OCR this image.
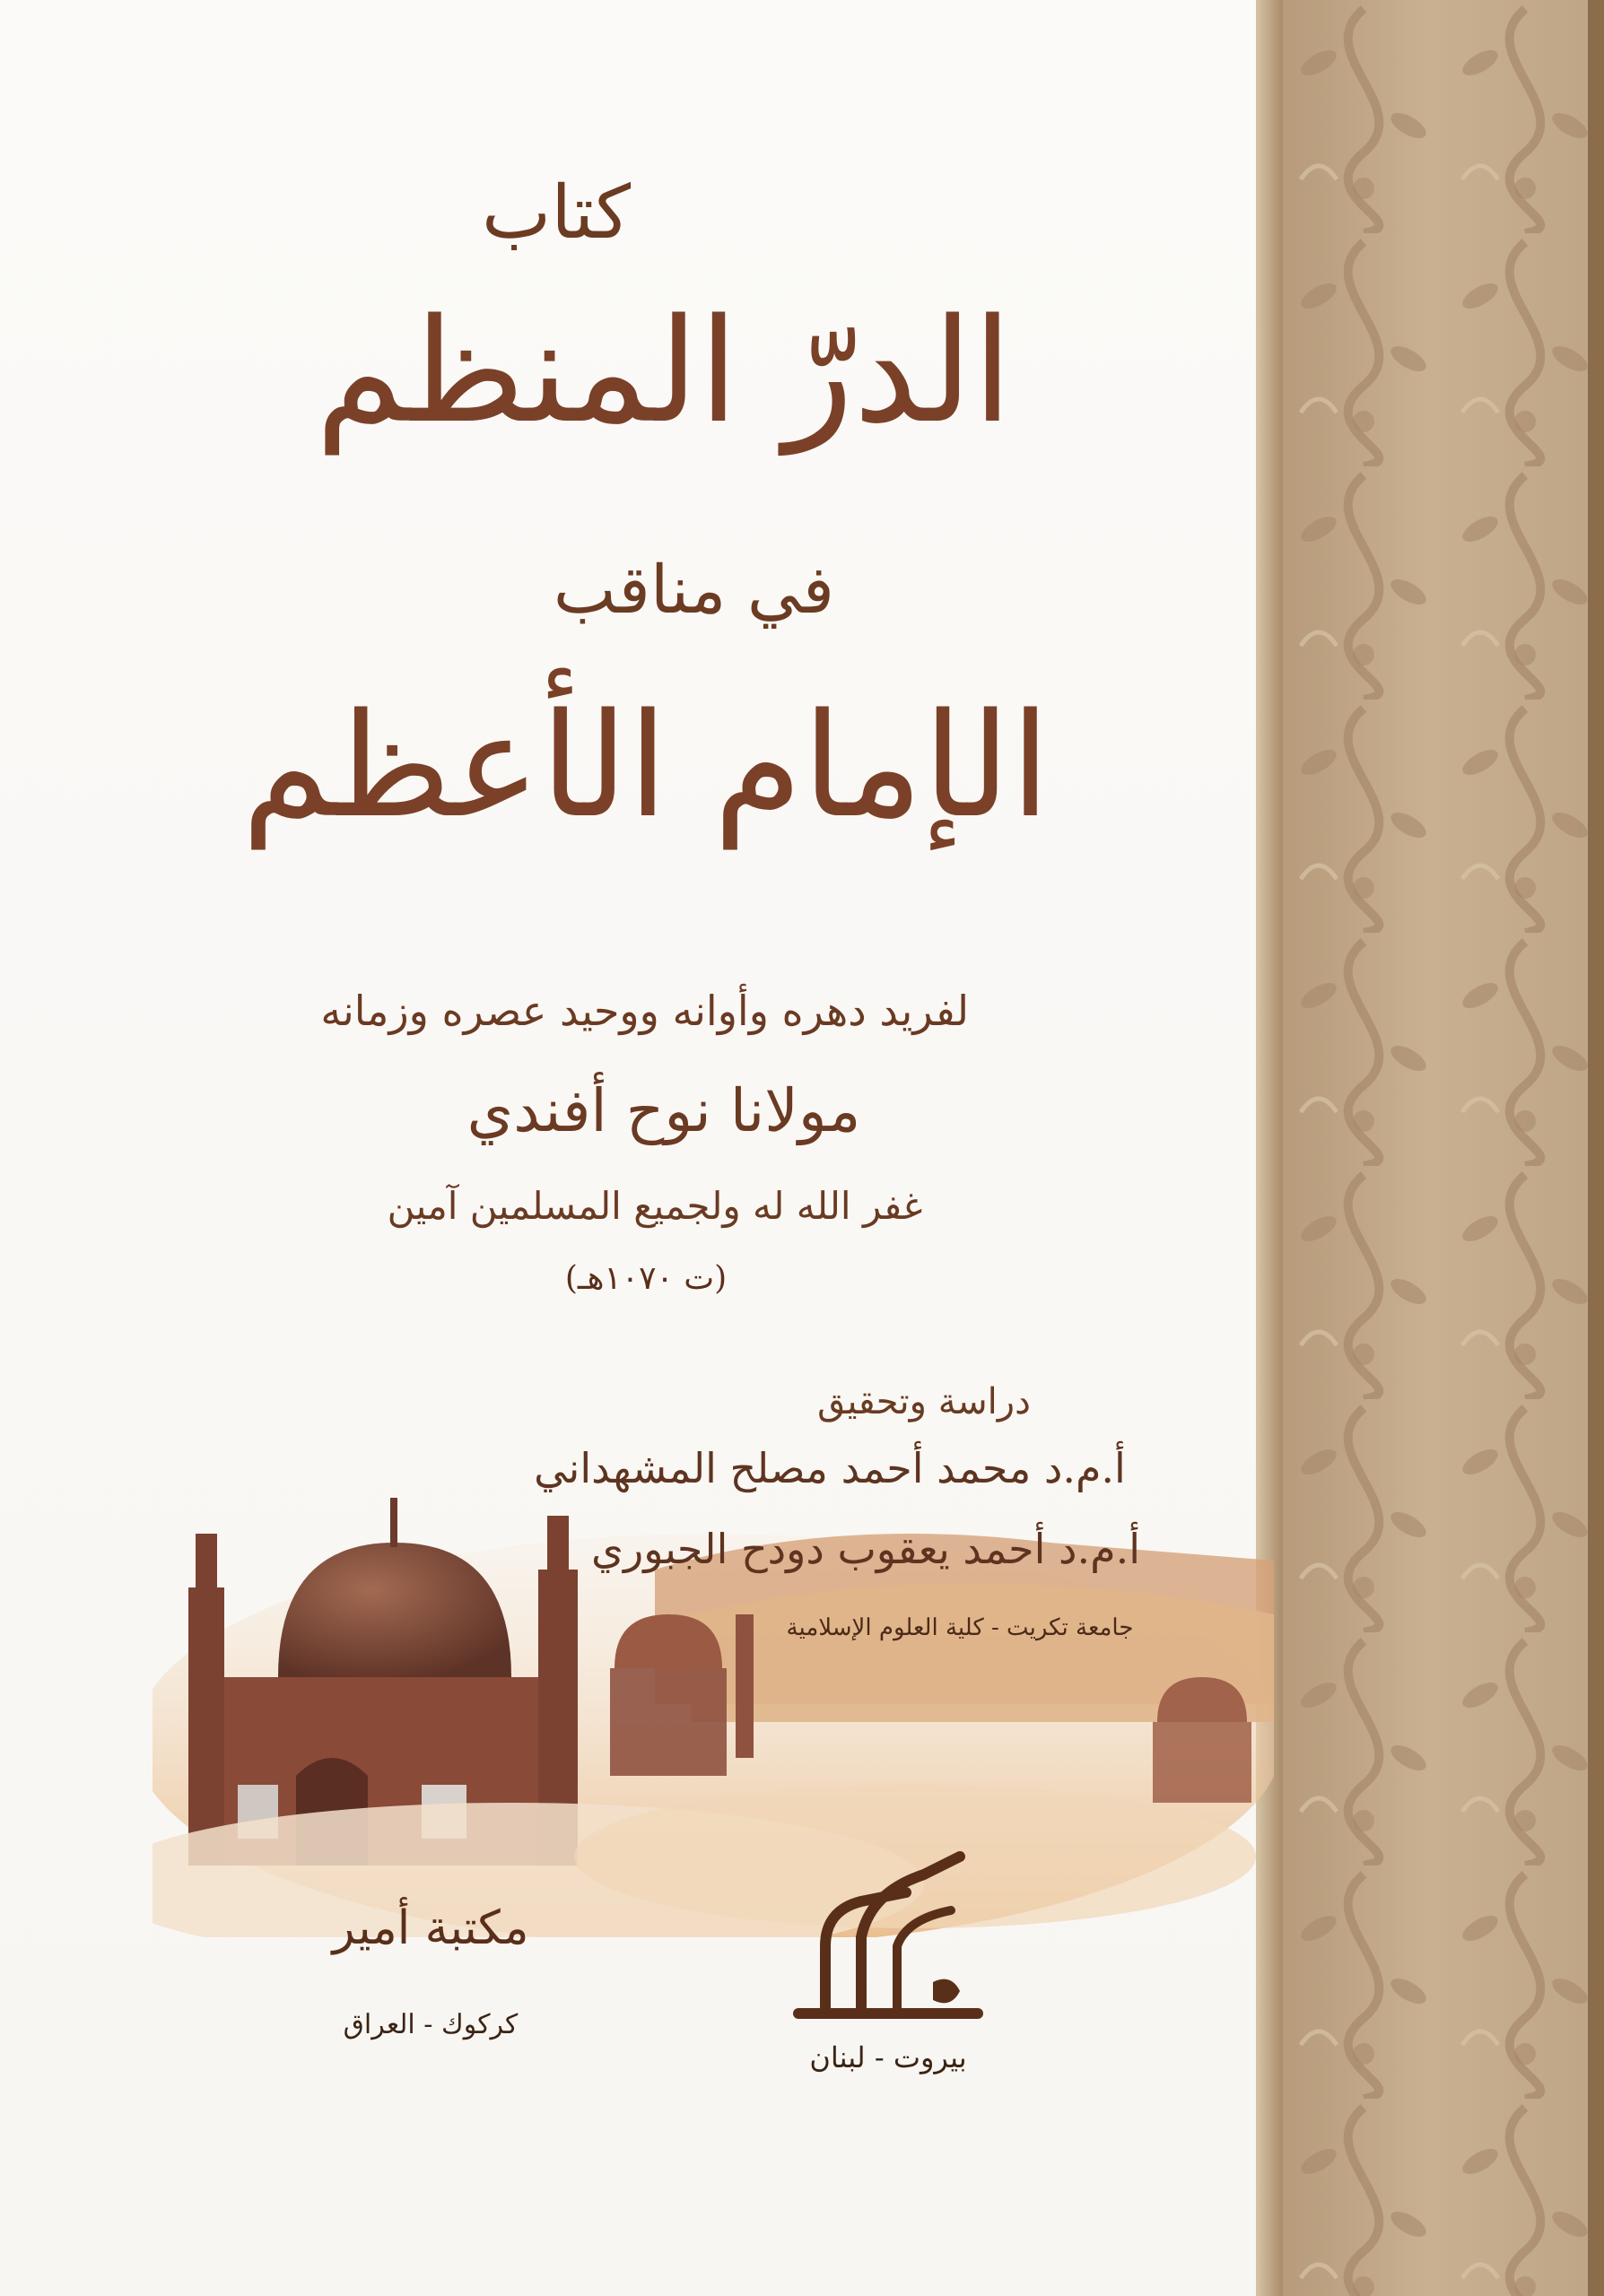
كتاب
الدرّ المنظم
في مناقب
الإمام الأعظم
لفريد دهره وأوانه ووحيد عصره وزمانه
مولانا نوح أفندي
غفر الله له ولجميع المسلمين آمين
(ت ١٠٧٠هـ)
دراسة وتحقيق
أ.م.د محمد أحمد مصلح المشهداني
أ.م.د أحمد يعقوب دودح الجبوري
جامعة تكريت - كلية العلوم الإسلامية
مكتبة أمير
كركوك - العراق
بيروت - لبنان
